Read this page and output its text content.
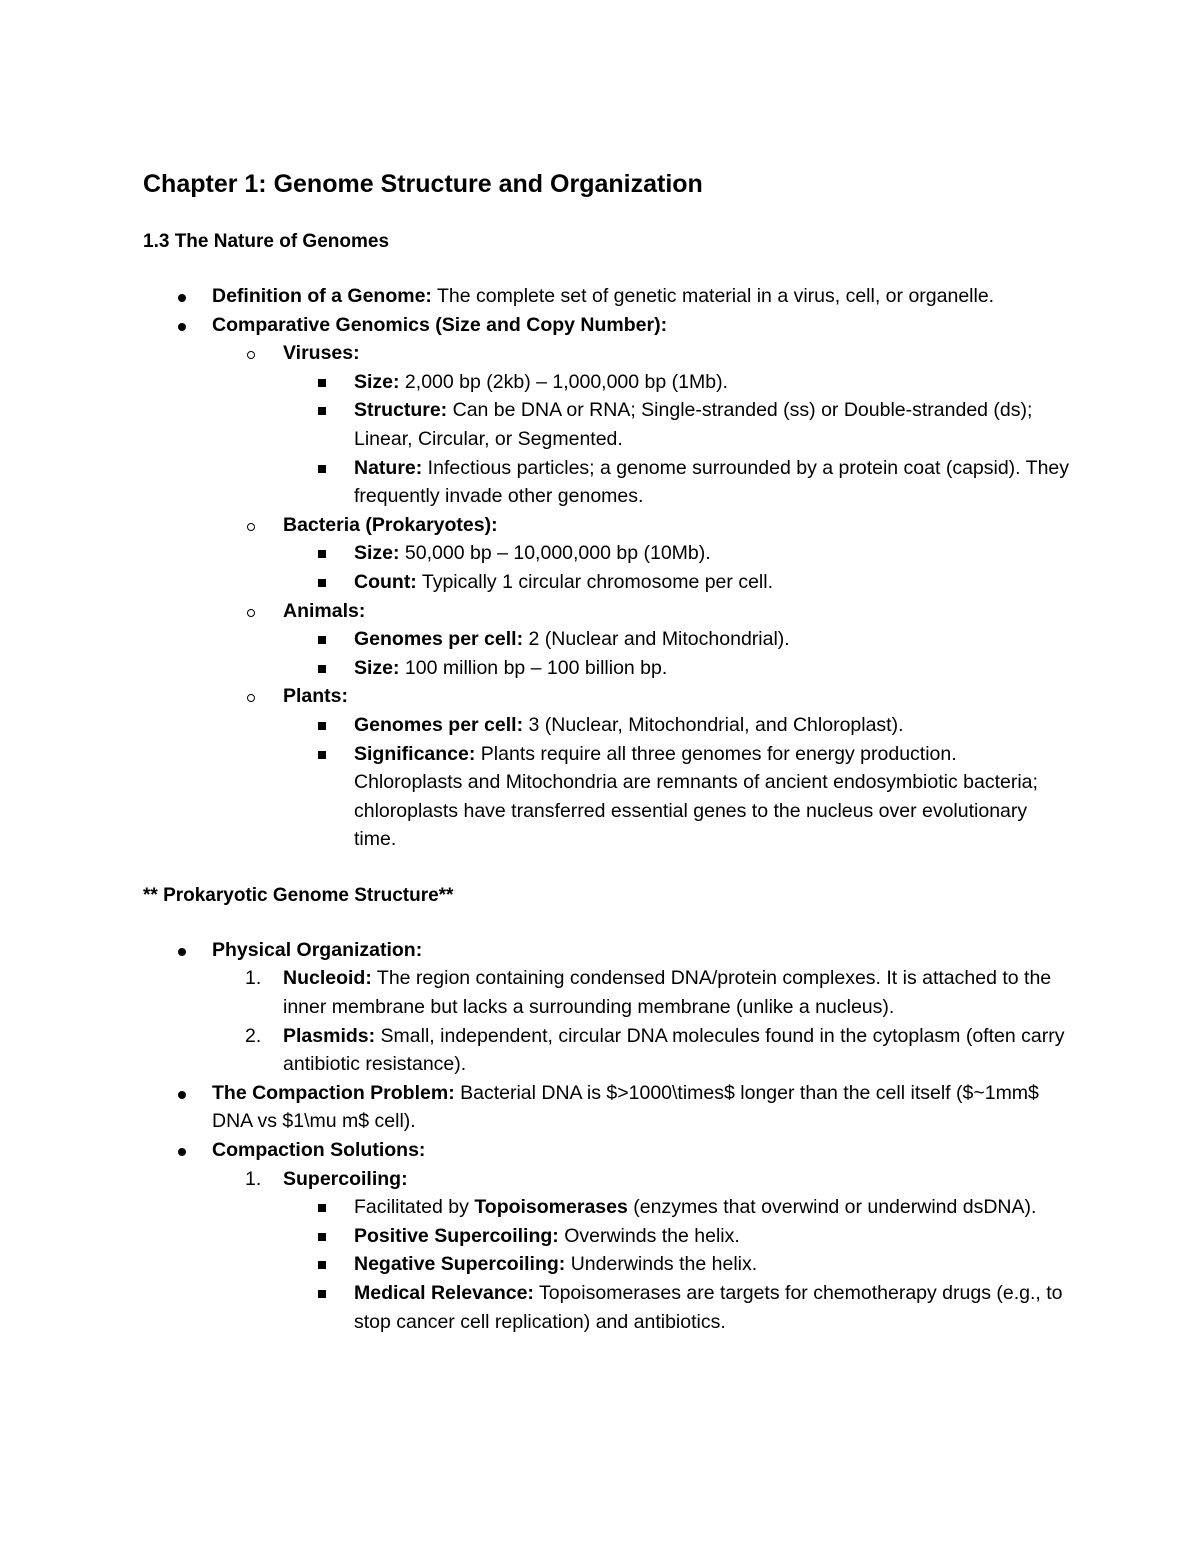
Chapter 1: Genome Structure and Organization
1.3 The Nature of Genomes
Definition of a Genome: The complete set of genetic material in a virus, cell, or organelle.
Comparative Genomics (Size and Copy Number):
Viruses:
Size: 2,000 bp (2kb) – 1,000,000 bp (1Mb).
Structure: Can be DNA or RNA; Single-stranded (ss) or Double-stranded (ds); Linear, Circular, or Segmented.
Nature: Infectious particles; a genome surrounded by a protein coat (capsid). They frequently invade other genomes.
Bacteria (Prokaryotes):
Size: 50,000 bp – 10,000,000 bp (10Mb).
Count: Typically 1 circular chromosome per cell.
Animals:
Genomes per cell: 2 (Nuclear and Mitochondrial).
Size: 100 million bp – 100 billion bp.
Plants:
Genomes per cell: 3 (Nuclear, Mitochondrial, and Chloroplast).
Significance: Plants require all three genomes for energy production. Chloroplasts and Mitochondria are remnants of ancient endosymbiotic bacteria; chloroplasts have transferred essential genes to the nucleus over evolutionary time.
** Prokaryotic Genome Structure**
Physical Organization:
1. Nucleoid: The region containing condensed DNA/protein complexes. It is attached to the inner membrane but lacks a surrounding membrane (unlike a nucleus).
2. Plasmids: Small, independent, circular DNA molecules found in the cytoplasm (often carry antibiotic resistance).
The Compaction Problem: Bacterial DNA is $>1000\times$ longer than the cell itself ($~1mm$ DNA vs $1\mu m$ cell).
Compaction Solutions:
1. Supercoiling:
Facilitated by Topoisomerases (enzymes that overwind or underwind dsDNA).
Positive Supercoiling: Overwinds the helix.
Negative Supercoiling: Underwinds the helix.
Medical Relevance: Topoisomerases are targets for chemotherapy drugs (e.g., to stop cancer cell replication) and antibiotics.
